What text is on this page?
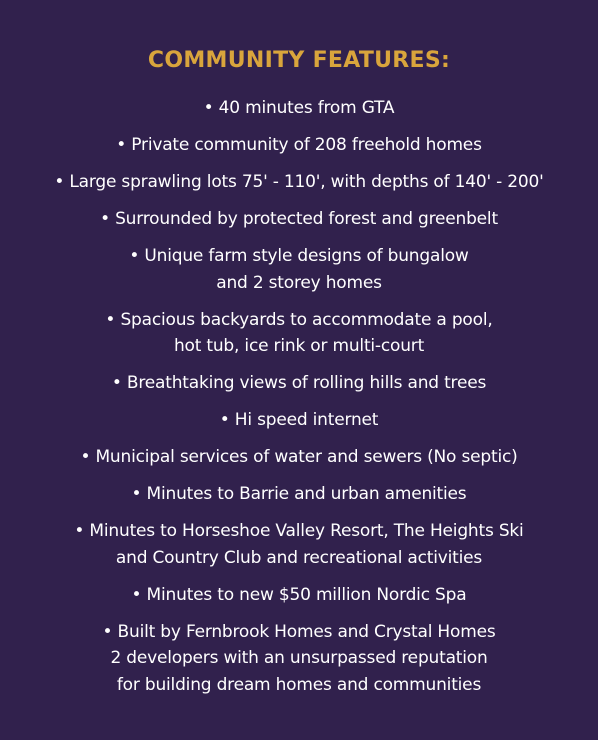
COMMUNITY FEATURES:
• 40 minutes from GTA
• Private community of 208 freehold homes
• Large sprawling lots 75' - 110', with depths of 140' - 200'
• Surrounded by protected forest and greenbelt
• Unique farm style designs of bungalow
and 2 storey homes
• Spacious backyards to accommodate a pool,
hot tub, ice rink or multi-court
• Breathtaking views of rolling hills and trees
• Hi speed internet
• Municipal services of water and sewers (No septic)
• Minutes to Barrie and urban amenities
• Minutes to Horseshoe Valley Resort, The Heights Ski
and Country Club and recreational activities
• Minutes to new $50 million Nordic Spa
• Built by Fernbrook Homes and Crystal Homes
2 developers with an unsurpassed reputation
for building dream homes and communities
